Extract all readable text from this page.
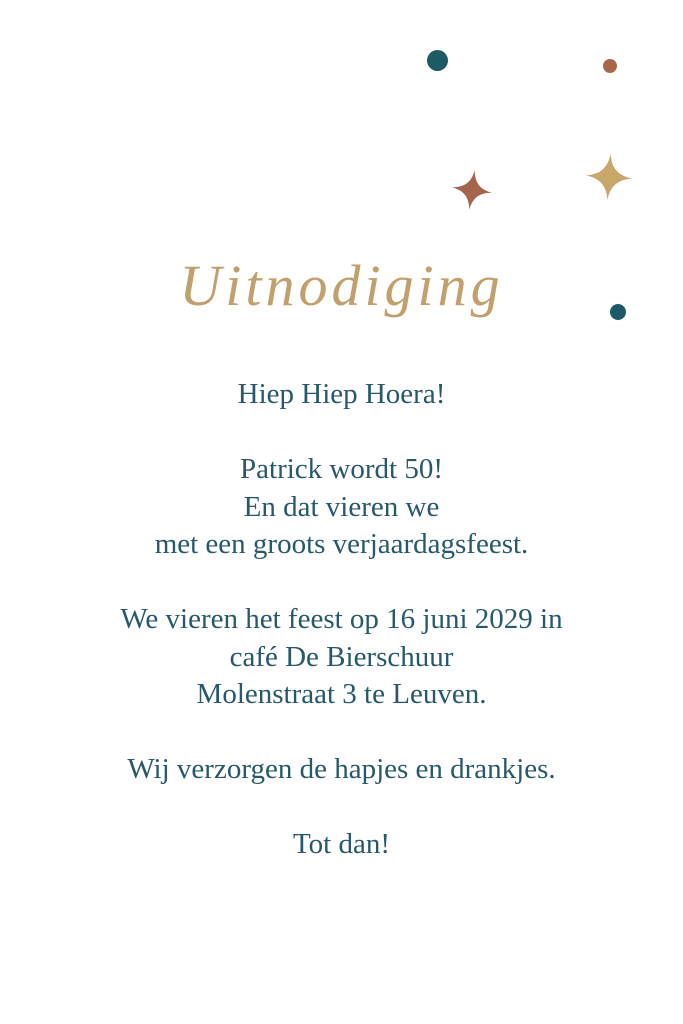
Uitnodiging
Hiep Hiep Hoera!
Patrick wordt 50!
En dat vieren we
met een groots verjaardagsfeest.
We vieren het feest op 16 juni 2029 in
café De Bierschuur
Molenstraat 3 te Leuven.
Wij verzorgen de hapjes en drankjes.
Tot dan!
